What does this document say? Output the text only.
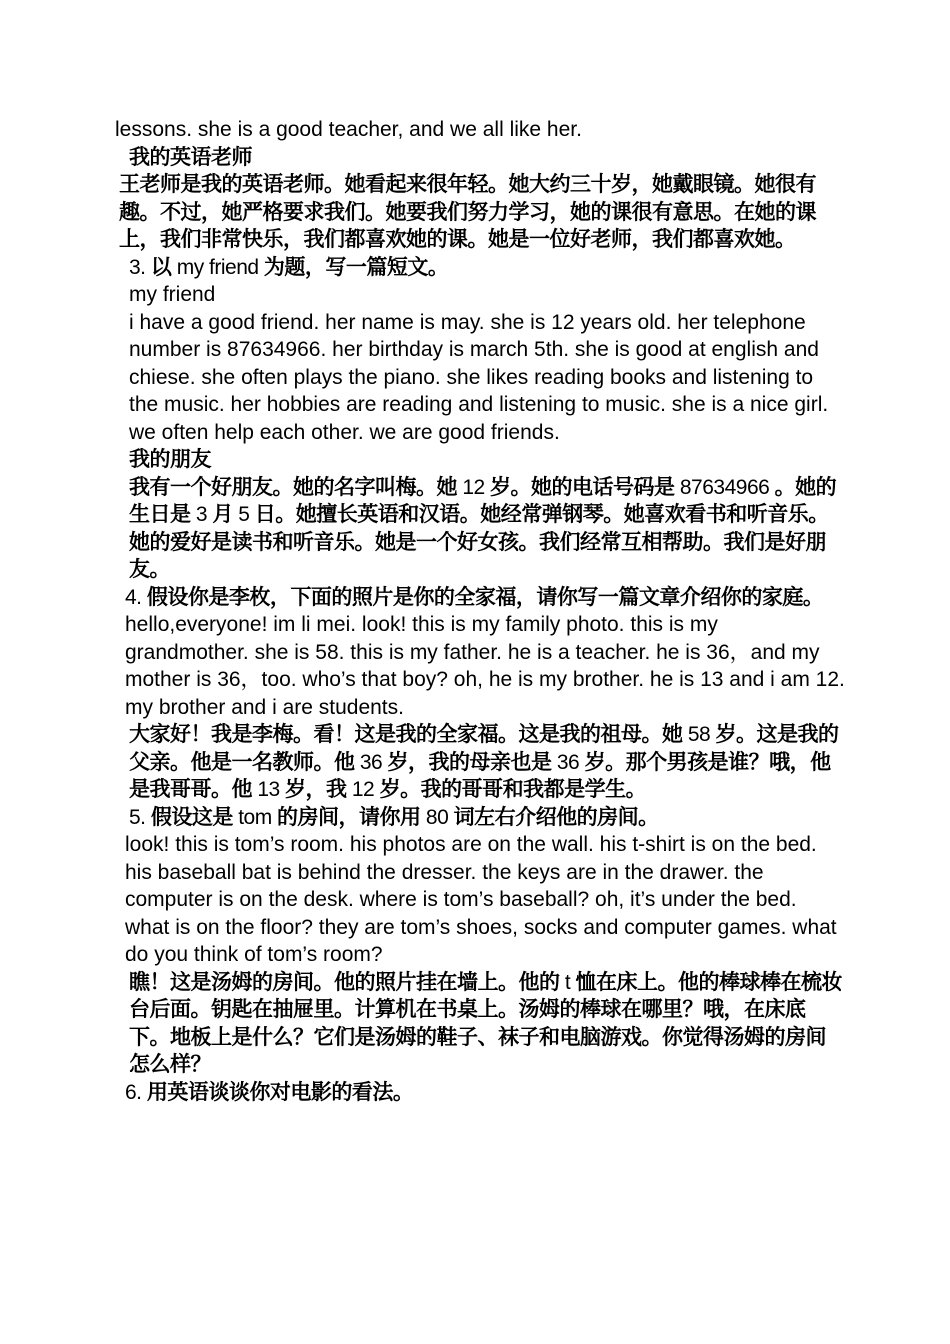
lessons. she is a good teacher, and we all like her.

我的英语老师

王老师是我的英语老师。她看起来很年轻。她大约三十岁，她戴眼镜。她很有趣。不过，她严格要求我们。她要我们努力学习，她的课很有意思。在她的课上，我们非常快乐，我们都喜欢她的课。她是一位好老师，我们都喜欢她。

3. 以 my friend 为题，写一篇短文。

my friend

i have a good friend. her name is may. she is 12 years old. her telephone number is 87634966. her birthday is march 5th. she is good at english and chiese. she often plays the piano. she likes reading books and listening to the music. her hobbies are reading and listening to music. she is a nice girl. we often help each other. we are good friends.

我的朋友

我有一个好朋友。她的名字叫梅。她 12 岁。她的电话号码是 87634966 。她的生日是 3 月 5 日。她擅长英语和汉语。她经常弹钢琴。她喜欢看书和听音乐。她的爱好是读书和听音乐。她是一个好女孩。我们经常互相帮助。我们是好朋友。

4. 假设你是李枚，下面的照片是你的全家福，请你写一篇文章介绍你的家庭。

hello,everyone! im li mei. look! this is my family photo. this is my grandmother. she is 58. this is my father. he is a teacher. he is 36，and my mother is 36，too. who’s that boy? oh, he is my brother. he is 13 and i am 12. my brother and i are students.

大家好！我是李梅。看！这是我的全家福。这是我的祖母。她 58 岁。这是我的父亲。他是一名教师。他 36 岁，我的母亲也是 36 岁。那个男孩是谁？哦，他是我哥哥。他 13 岁，我 12 岁。我的哥哥和我都是学生。

5. 假设这是 tom 的房间，请你用 80 词左右介绍他的房间。

look! this is tom’s room. his photos are on the wall. his t-shirt is on the bed. his baseball bat is behind the dresser. the keys are in the drawer. the computer is on the desk. where is tom’s baseball? oh, it’s under the bed. what is on the floor? they are tom’s shoes, socks and computer games. what do you think of tom’s room?

瞧！这是汤姆的房间。他的照片挂在墙上。他的 t 恤在床上。他的棒球棒在梳妆台后面。钥匙在抽屉里。计算机在书桌上。汤姆的棒球在哪里？哦，在床底下。地板上是什么？它们是汤姆的鞋子、袜子和电脑游戏。你觉得汤姆的房间怎么样？

6. 用英语谈谈你对电影的看法。
